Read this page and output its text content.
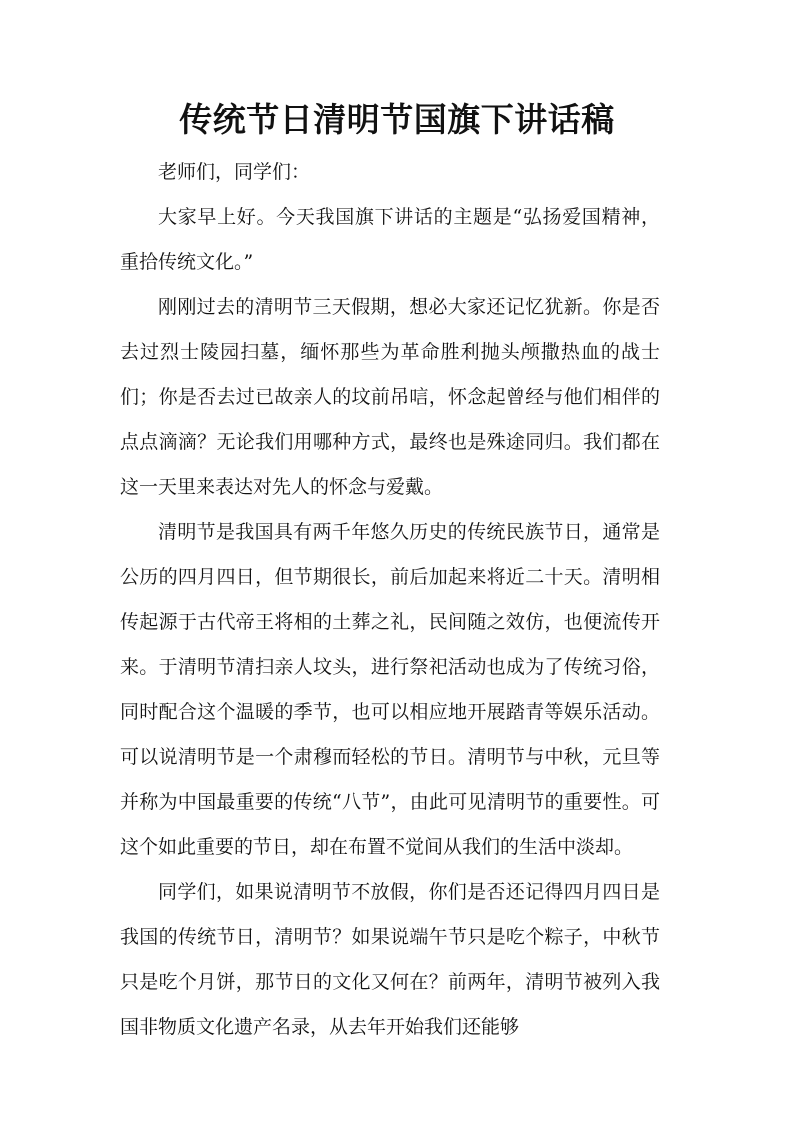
传统节日清明节国旗下讲话稿

老师们，同学们：

大家早上好。今天我国旗下讲话的主题是“弘扬爱国精神，重拾传统文化。”

刚刚过去的清明节三天假期，想必大家还记忆犹新。你是否去过烈士陵园扫墓，缅怀那些为革命胜利抛头颅撒热血的战士们；你是否去过已故亲人的坟前吊唁，怀念起曾经与他们相伴的点点滴滴？无论我们用哪种方式，最终也是殊途同归。我们都在这一天里来表达对先人的怀念与爱戴。

清明节是我国具有两千年悠久历史的传统民族节日，通常是公历的四月四日，但节期很长，前后加起来将近二十天。清明相传起源于古代帝王将相的土葬之礼，民间随之效仿，也便流传开来。于清明节清扫亲人坟头，进行祭祀活动也成为了传统习俗，同时配合这个温暖的季节，也可以相应地开展踏青等娱乐活动。可以说清明节是一个肃穆而轻松的节日。清明节与中秋，元旦等并称为中国最重要的传统“八节”，由此可见清明节的重要性。可这个如此重要的节日，却在布置不觉间从我们的生活中淡却。

同学们，如果说清明节不放假，你们是否还记得四月四日是我国的传统节日，清明节？如果说端午节只是吃个粽子，中秋节只是吃个月饼，那节日的文化又何在？前两年，清明节被列入我国非物质文化遗产名录，从去年开始我们还能够
